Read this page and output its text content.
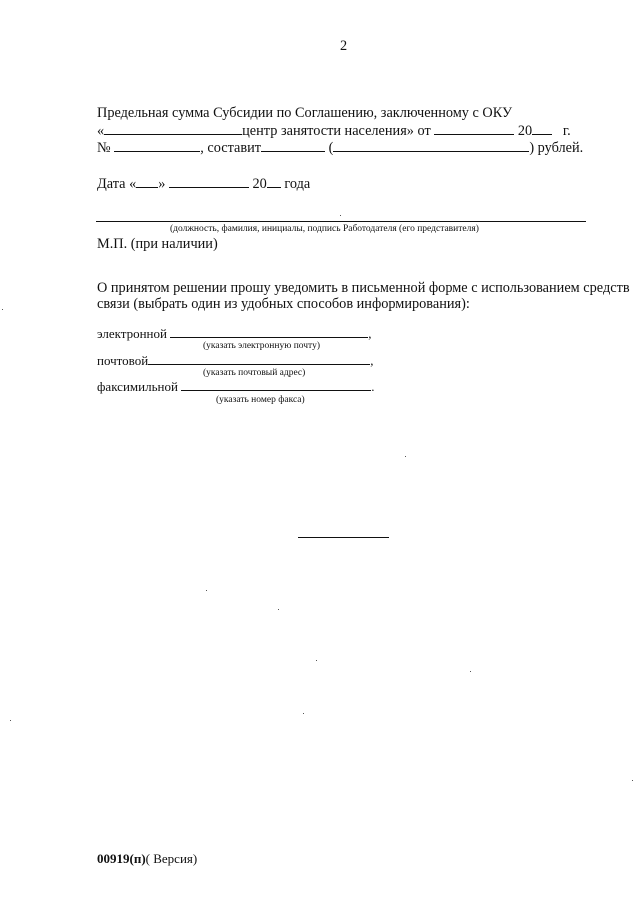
2
Предельная сумма Субсидии по Соглашению, заключенному с ОКУ
«	центр занятости населения» от	20 г.
№	, составит	(	) рублей.
Дата « »	20 года
(должность, фамилия, инициалы, подпись Работодателя (его представителя)
М.П. (при наличии)
О принятом решении прошу уведомить в письменной форме с использованием средств
связи (выбрать один из удобных способов информирования):
электронной	,
(указать электронную почту)
почтовой	,
(указать почтовый адрес)
факсимильной	.
(указать номер факса)
00919(п)( Версия)
